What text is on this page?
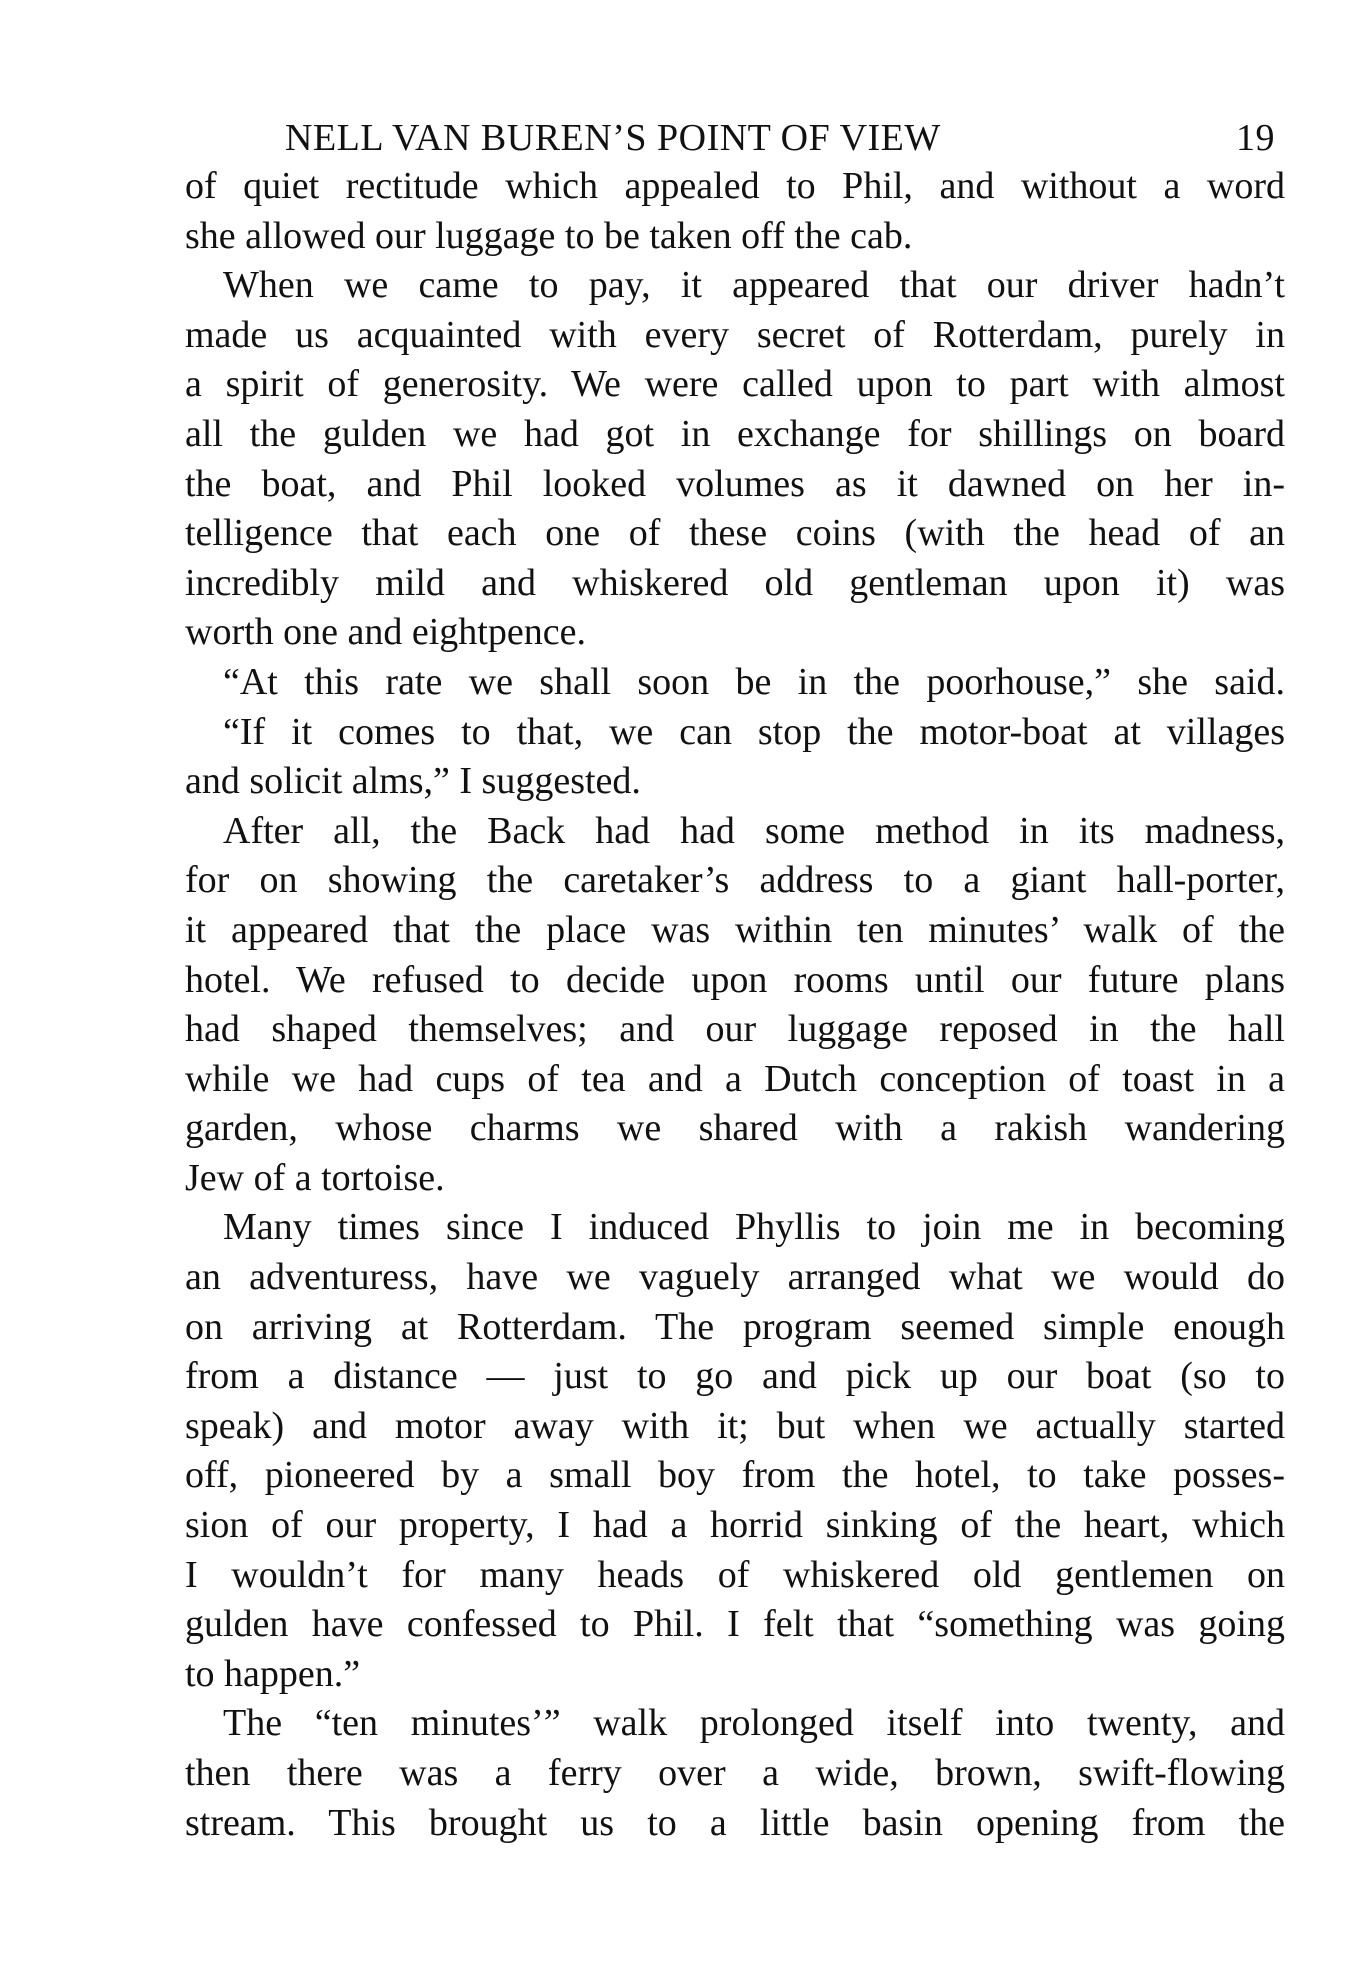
NELL VAN BUREN’S POINT OF VIEW	19
of quiet rectitude which appealed to Phil, and without a word
she allowed our luggage to be taken off the cab.
When we came to pay, it appeared that our driver hadn’t
made us acquainted with every secret of Rotterdam, purely in
a spirit of generosity. We were called upon to part with almost
all the gulden we had got in exchange for shillings on board
the boat, and Phil looked volumes as it dawned on her in-
telligence that each one of these coins (with the head of an
incredibly mild and whiskered old gentleman upon it) was
worth one and eightpence.
“At this rate we shall soon be in the poorhouse,” she said.
“If it comes to that, we can stop the motor-boat at villages
and solicit alms,” I suggested.
After all, the Back had had some method in its madness,
for on showing the caretaker’s address to a giant hall-porter,
it appeared that the place was within ten minutes’ walk of the
hotel. We refused to decide upon rooms until our future plans
had shaped themselves; and our luggage reposed in the hall
while we had cups of tea and a Dutch conception of toast in a
garden, whose charms we shared with a rakish wandering
Jew of a tortoise.
Many times since I induced Phyllis to join me in becoming
an adventuress, have we vaguely arranged what we would do
on arriving at Rotterdam. The program seemed simple enough
from a distance — just to go and pick up our boat (so to
speak) and motor away with it; but when we actually started
off, pioneered by a small boy from the hotel, to take posses-
sion of our property, I had a horrid sinking of the heart, which
I wouldn’t for many heads of whiskered old gentlemen on
gulden have confessed to Phil. I felt that “something was going
to happen.”
The “ten minutes’” walk prolonged itself into twenty, and
then there was a ferry over a wide, brown, swift-flowing
stream. This brought us to a little basin opening from the
